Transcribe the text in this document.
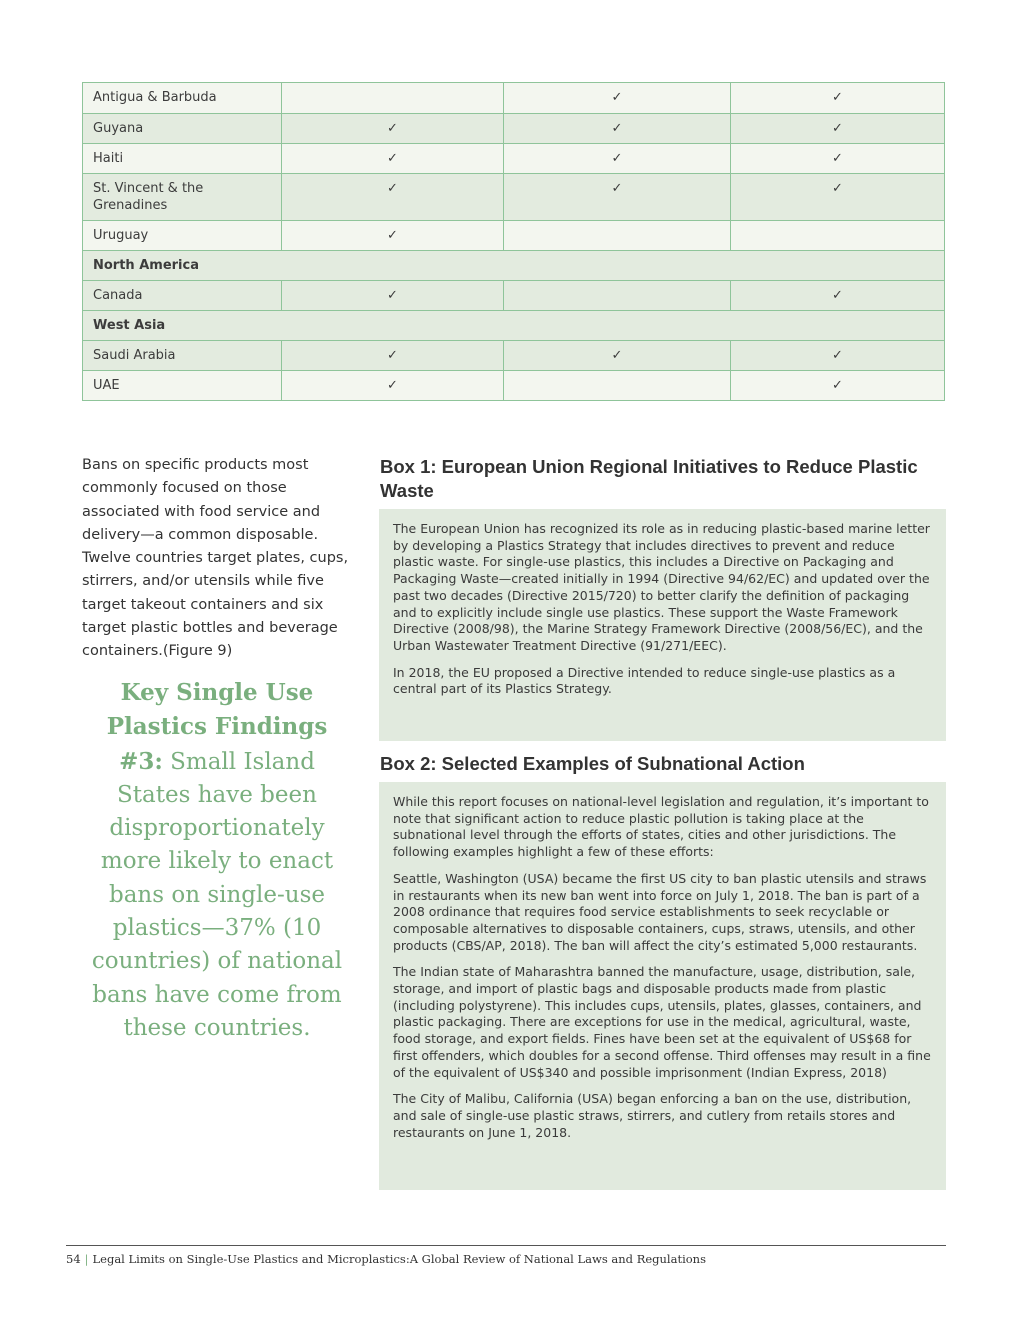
Antigua & Barbuda		✓	✓

Guyana	✓	✓	✓

Haiti	✓	✓	✓

St. Vincent & the Grenadines	✓	✓	✓

Uruguay	✓		

North America			

Canada	✓		✓

West Asia			

Saudi Arabia	✓	✓	✓

UAE	✓		✓
Bans on specific products most commonly focused on those associated with food service and delivery—a common disposable. Twelve countries target plates, cups, stirrers, and/or utensils while five target takeout containers and six target plastic bottles and beverage containers.(Figure 9)
Key Single Use Plastics Findings #3: Small Island States have been disproportionately more likely to enact bans on single-use plastics—37% (10 countries) of national bans have come from these countries.
Box 1: European Union Regional Initiatives to Reduce Plastic Waste

The European Union has recognized its role as in reducing plastic-based marine letter by developing a Plastics Strategy that includes directives to prevent and reduce plastic waste. For single-use plastics, this includes a Directive on Packaging and Packaging Waste—created initially in 1994 (Directive 94/62/EC) and updated over the past two decades (Directive 2015/720) to better clarify the definition of packaging and to explicitly include single use plastics. These support the Waste Framework Directive (2008/98), the Marine Strategy Framework Directive (2008/56/EC), and the Urban Wastewater Treatment Directive (91/271/EEC).

In 2018, the EU proposed a Directive intended to reduce single-use plastics as a central part of its Plastics Strategy.

Box 2: Selected Examples of Subnational Action

While this report focuses on national-level legislation and regulation, it’s important to note that significant action to reduce plastic pollution is taking place at the subnational level through the efforts of states, cities and other jurisdictions. The following examples highlight a few of these efforts:

Seattle, Washington (USA) became the first US city to ban plastic utensils and straws in restaurants when its new ban went into force on July 1, 2018. The ban is part of a 2008 ordinance that requires food service establishments to seek recyclable or composable alternatives to disposable containers, cups, straws, utensils, and other products (CBS/AP, 2018). The ban will affect the city’s estimated 5,000 restaurants.

The Indian state of Maharashtra banned the manufacture, usage, distribution, sale, storage, and import of plastic bags and disposable products made from plastic (including polystyrene). This includes cups, utensils, plates, glasses, containers, and plastic packaging. There are exceptions for use in the medical, agricultural, waste, food storage, and export fields. Fines have been set at the equivalent of US$68 for first offenders, which doubles for a second offense. Third offenses may result in a fine of the equivalent of US$340 and possible imprisonment (Indian Express, 2018)

The City of Malibu, California (USA) began enforcing a ban on the use, distribution, and sale of single-use plastic straws, stirrers, and cutlery from retails stores and restaurants on June 1, 2018.

54 | Legal Limits on Single-Use Plastics and Microplastics:A Global Review of National Laws and Regulations
